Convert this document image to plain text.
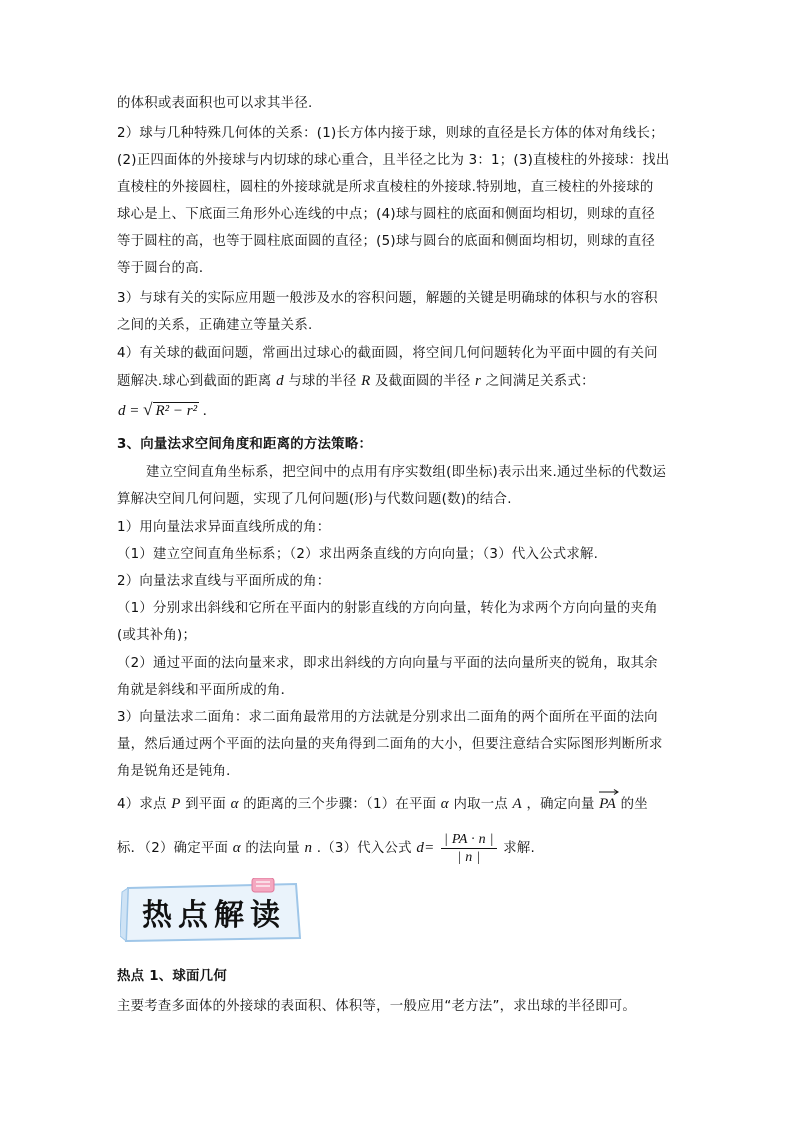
的体积或表面积也可以求其半径.
2）球与几种特殊几何体的关系：(1)长方体内接于球，则球的直径是长方体的体对角线长；
(2)正四面体的外接球与内切球的球心重合，且半径之比为 3：1；(3)直棱柱的外接球：找出
直棱柱的外接圆柱，圆柱的外接球就是所求直棱柱的外接球.特别地，直三棱柱的外接球的
球心是上、下底面三角形外心连线的中点；(4)球与圆柱的底面和侧面均相切，则球的直径
等于圆柱的高，也等于圆柱底面圆的直径；(5)球与圆台的底面和侧面均相切，则球的直径
等于圆台的高．
3）与球有关的实际应用题一般涉及水的容积问题，解题的关键是明确球的体积与水的容积
之间的关系，正确建立等量关系.
4）有关球的截面问题，常画出过球心的截面圆，将空间几何问题转化为平面中圆的有关问
题解决.球心到截面的距离 d 与球的半径 R 及截面圆的半径 r 之间满足关系式：
d = √ R² − r² .
3、向量法求空间角度和距离的方法策略：
建立空间直角坐标系，把空间中的点用有序实数组(即坐标)表示出来.通过坐标的代数运
算解决空间几何问题，实现了几何问题(形)与代数问题(数)的结合.
1）用向量法求异面直线所成的角：
（1）建立空间直角坐标系；（2）求出两条直线的方向向量；（3）代入公式求解.
2）向量法求直线与平面所成的角：
（1）分别求出斜线和它所在平面内的射影直线的方向向量，转化为求两个方向向量的夹角
(或其补角)；
（2）通过平面的法向量来求，即求出斜线的方向向量与平面的法向量所夹的锐角，取其余
角就是斜线和平面所成的角．
3）向量法求二面角：求二面角最常用的方法就是分别求出二面角的两个面所在平面的法向
量，然后通过两个平面的法向量的夹角得到二面角的大小，但要注意结合实际图形判断所求
角是锐角还是钝角．
4）求点 P 到平面 α 的距离的三个步骤：（1）在平面 α 内取一点 A ，确定向量 PA 的坐
标．（2）确定平面 α 的法向量 n .（3）代入公式 $d= \frac{| PA \cdot n |}{| n |}$ 求解.
热点解读
热点 1、球面几何
主要考查多面体的外接球的表面积、体积等，一般应用“老方法”，求出球的半径即可。
